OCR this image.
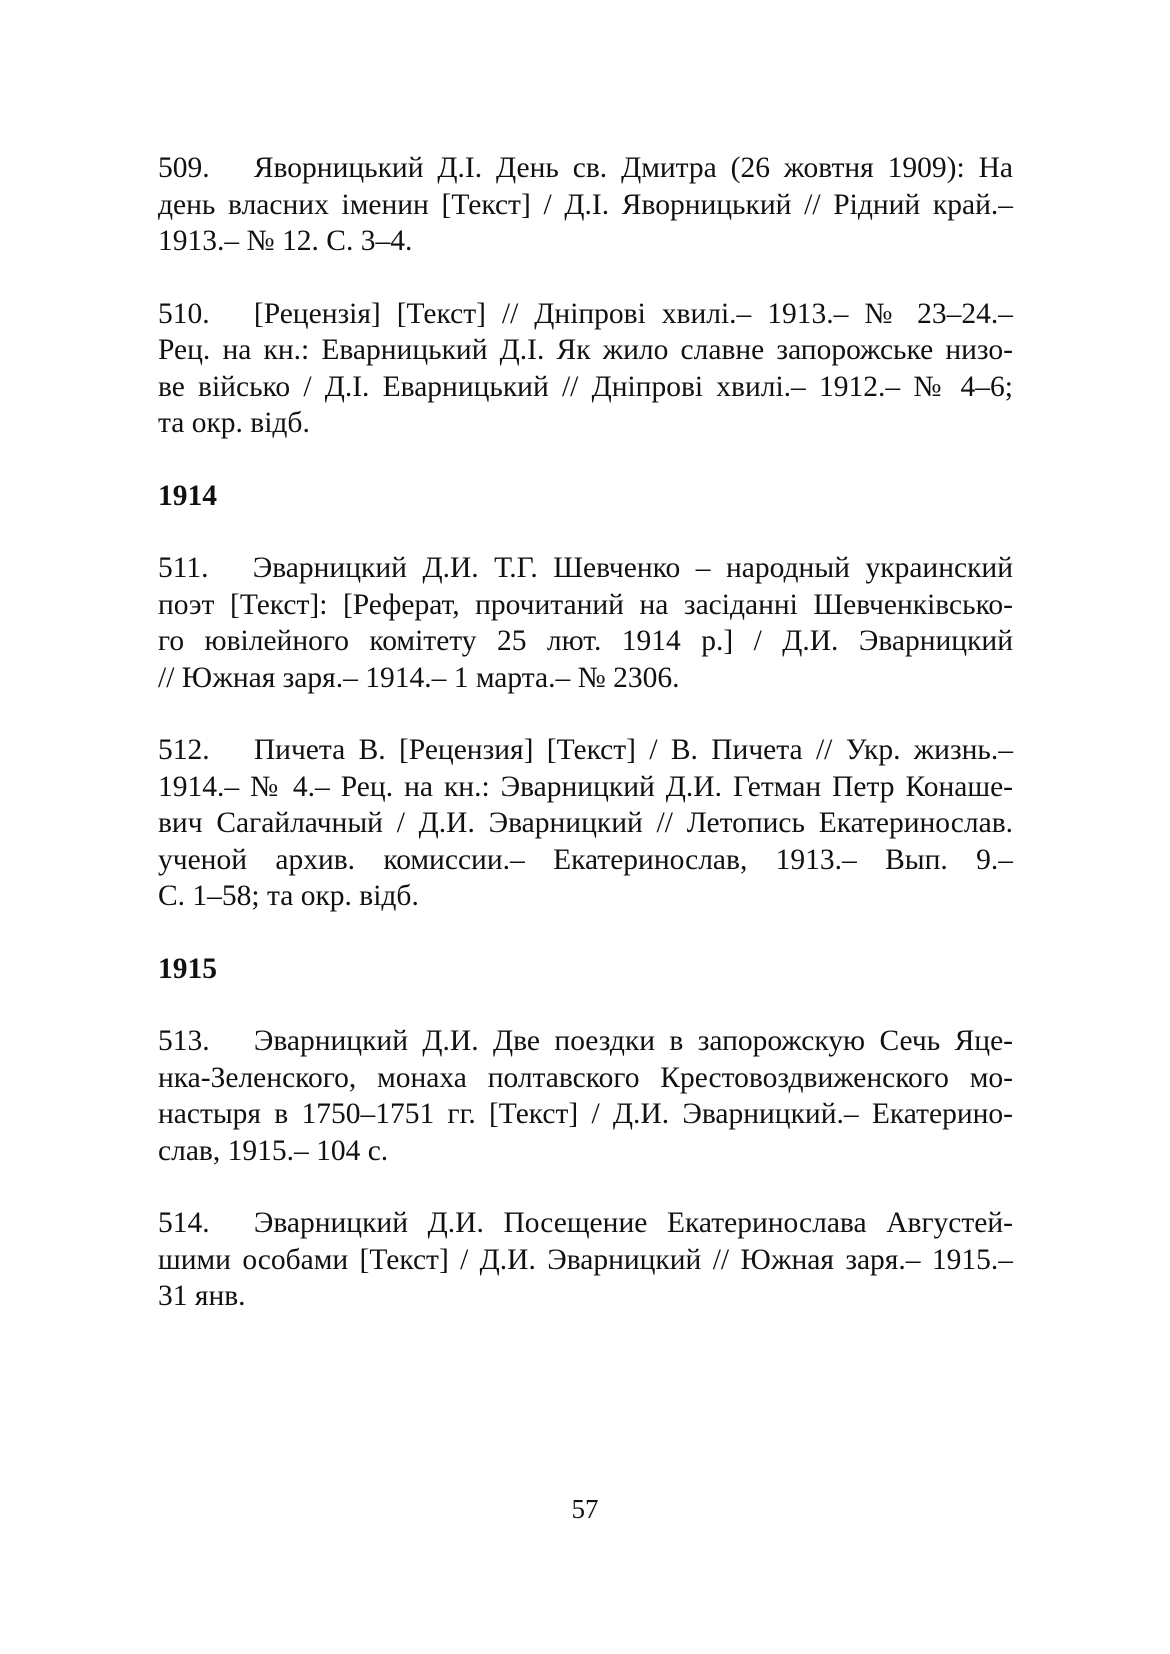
509.  Яворницький Д.І. День св. Дмитра (26 жовтня 1909): На
день власних іменин [Текст] / Д.І. Яворницький // Рідний край.–
1913.– № 12. С. 3–4.
510.  [Рецензія] [Текст] // Дніпрові хвилі.– 1913.– № 23–24.–
Рец. на кн.: Еварницький Д.І. Як жило славне запорожське низо-
ве військо / Д.І. Еварницький // Дніпрові хвилі.– 1912.– № 4–6;
та окр. відб.
1914
511.  Эварницкий Д.И. Т.Г. Шевченко – народный украинский
поэт [Текст]: [Реферат, прочитаний на засіданні Шевченківсько-
го ювілейного комітету 25 лют. 1914 р.] / Д.И. Эварницкий
// Южная заря.– 1914.– 1 марта.– № 2306.
512.  Пичета В. [Рецензия] [Текст] / В. Пичета // Укр. жизнь.–
1914.– № 4.– Рец. на кн.: Эварницкий Д.И. Гетман Петр Конаше-
вич Сагайлачный / Д.И. Эварницкий // Летопись Екатеринослав.
ученой архив. комиссии.– Екатеринослав, 1913.– Вып. 9.–
С. 1–58; та окр. відб.
1915
513.  Эварницкий Д.И. Две поездки в запорожскую Сечь Яце-
нка-Зеленского, монаха полтавского Крестовоздвиженского мо-
настыря в 1750–1751 гг. [Текст] / Д.И. Эварницкий.– Екатерино-
слав, 1915.– 104 с.
514.  Эварницкий Д.И. Посещение Екатеринослава Августей-
шими особами [Текст] / Д.И. Эварницкий // Южная заря.– 1915.–
31 янв.
57
